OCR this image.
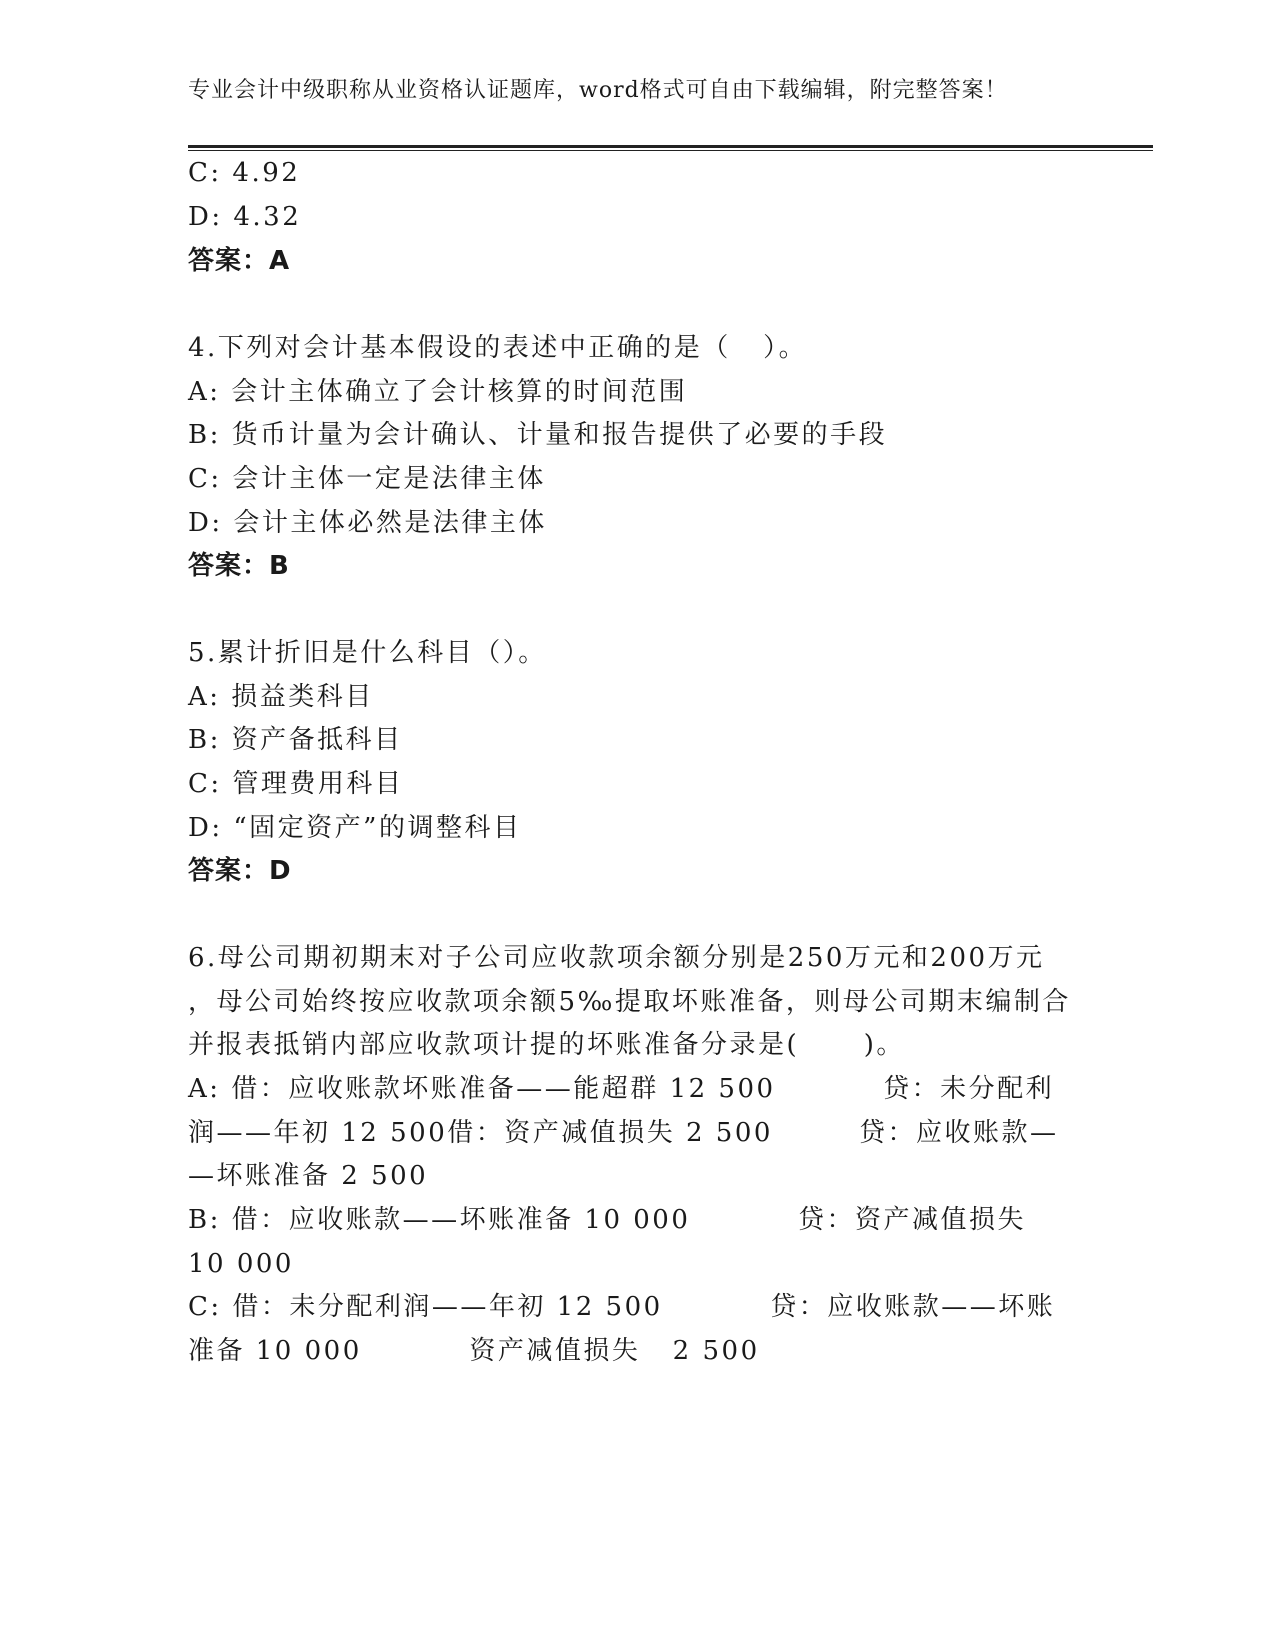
专业会计中级职称从业资格认证题库，word格式可自由下载编辑，附完整答案！
C: 4.92
D: 4.32
答案：A
4.下列对会计基本假设的表述中正确的是（   ）。
A: 会计主体确立了会计核算的时间范围
B: 货币计量为会计确认、计量和报告提供了必要的手段
C: 会计主体一定是法律主体
D: 会计主体必然是法律主体
答案：B
5.累计折旧是什么科目（）。
A: 损益类科目
B: 资产备抵科目
C: 管理费用科目
D: “固定资产”的调整科目
答案：D
6.母公司期初期末对子公司应收款项余额分别是250万元和200万元
，母公司始终按应收款项余额5‰提取坏账准备，则母公司期末编制合
并报表抵销内部应收款项计提的坏账准备分录是(      )。
A: 借：应收账款坏账准备——能超群 12 500          贷：未分配利
润——年初 12 500借：资产减值损失 2 500        贷：应收账款—
—坏账准备 2 500
B: 借：应收账款——坏账准备 10 000          贷：资产减值损失
10 000
C: 借：未分配利润——年初 12 500          贷：应收账款——坏账
准备 10 000          资产减值损失   2 500
